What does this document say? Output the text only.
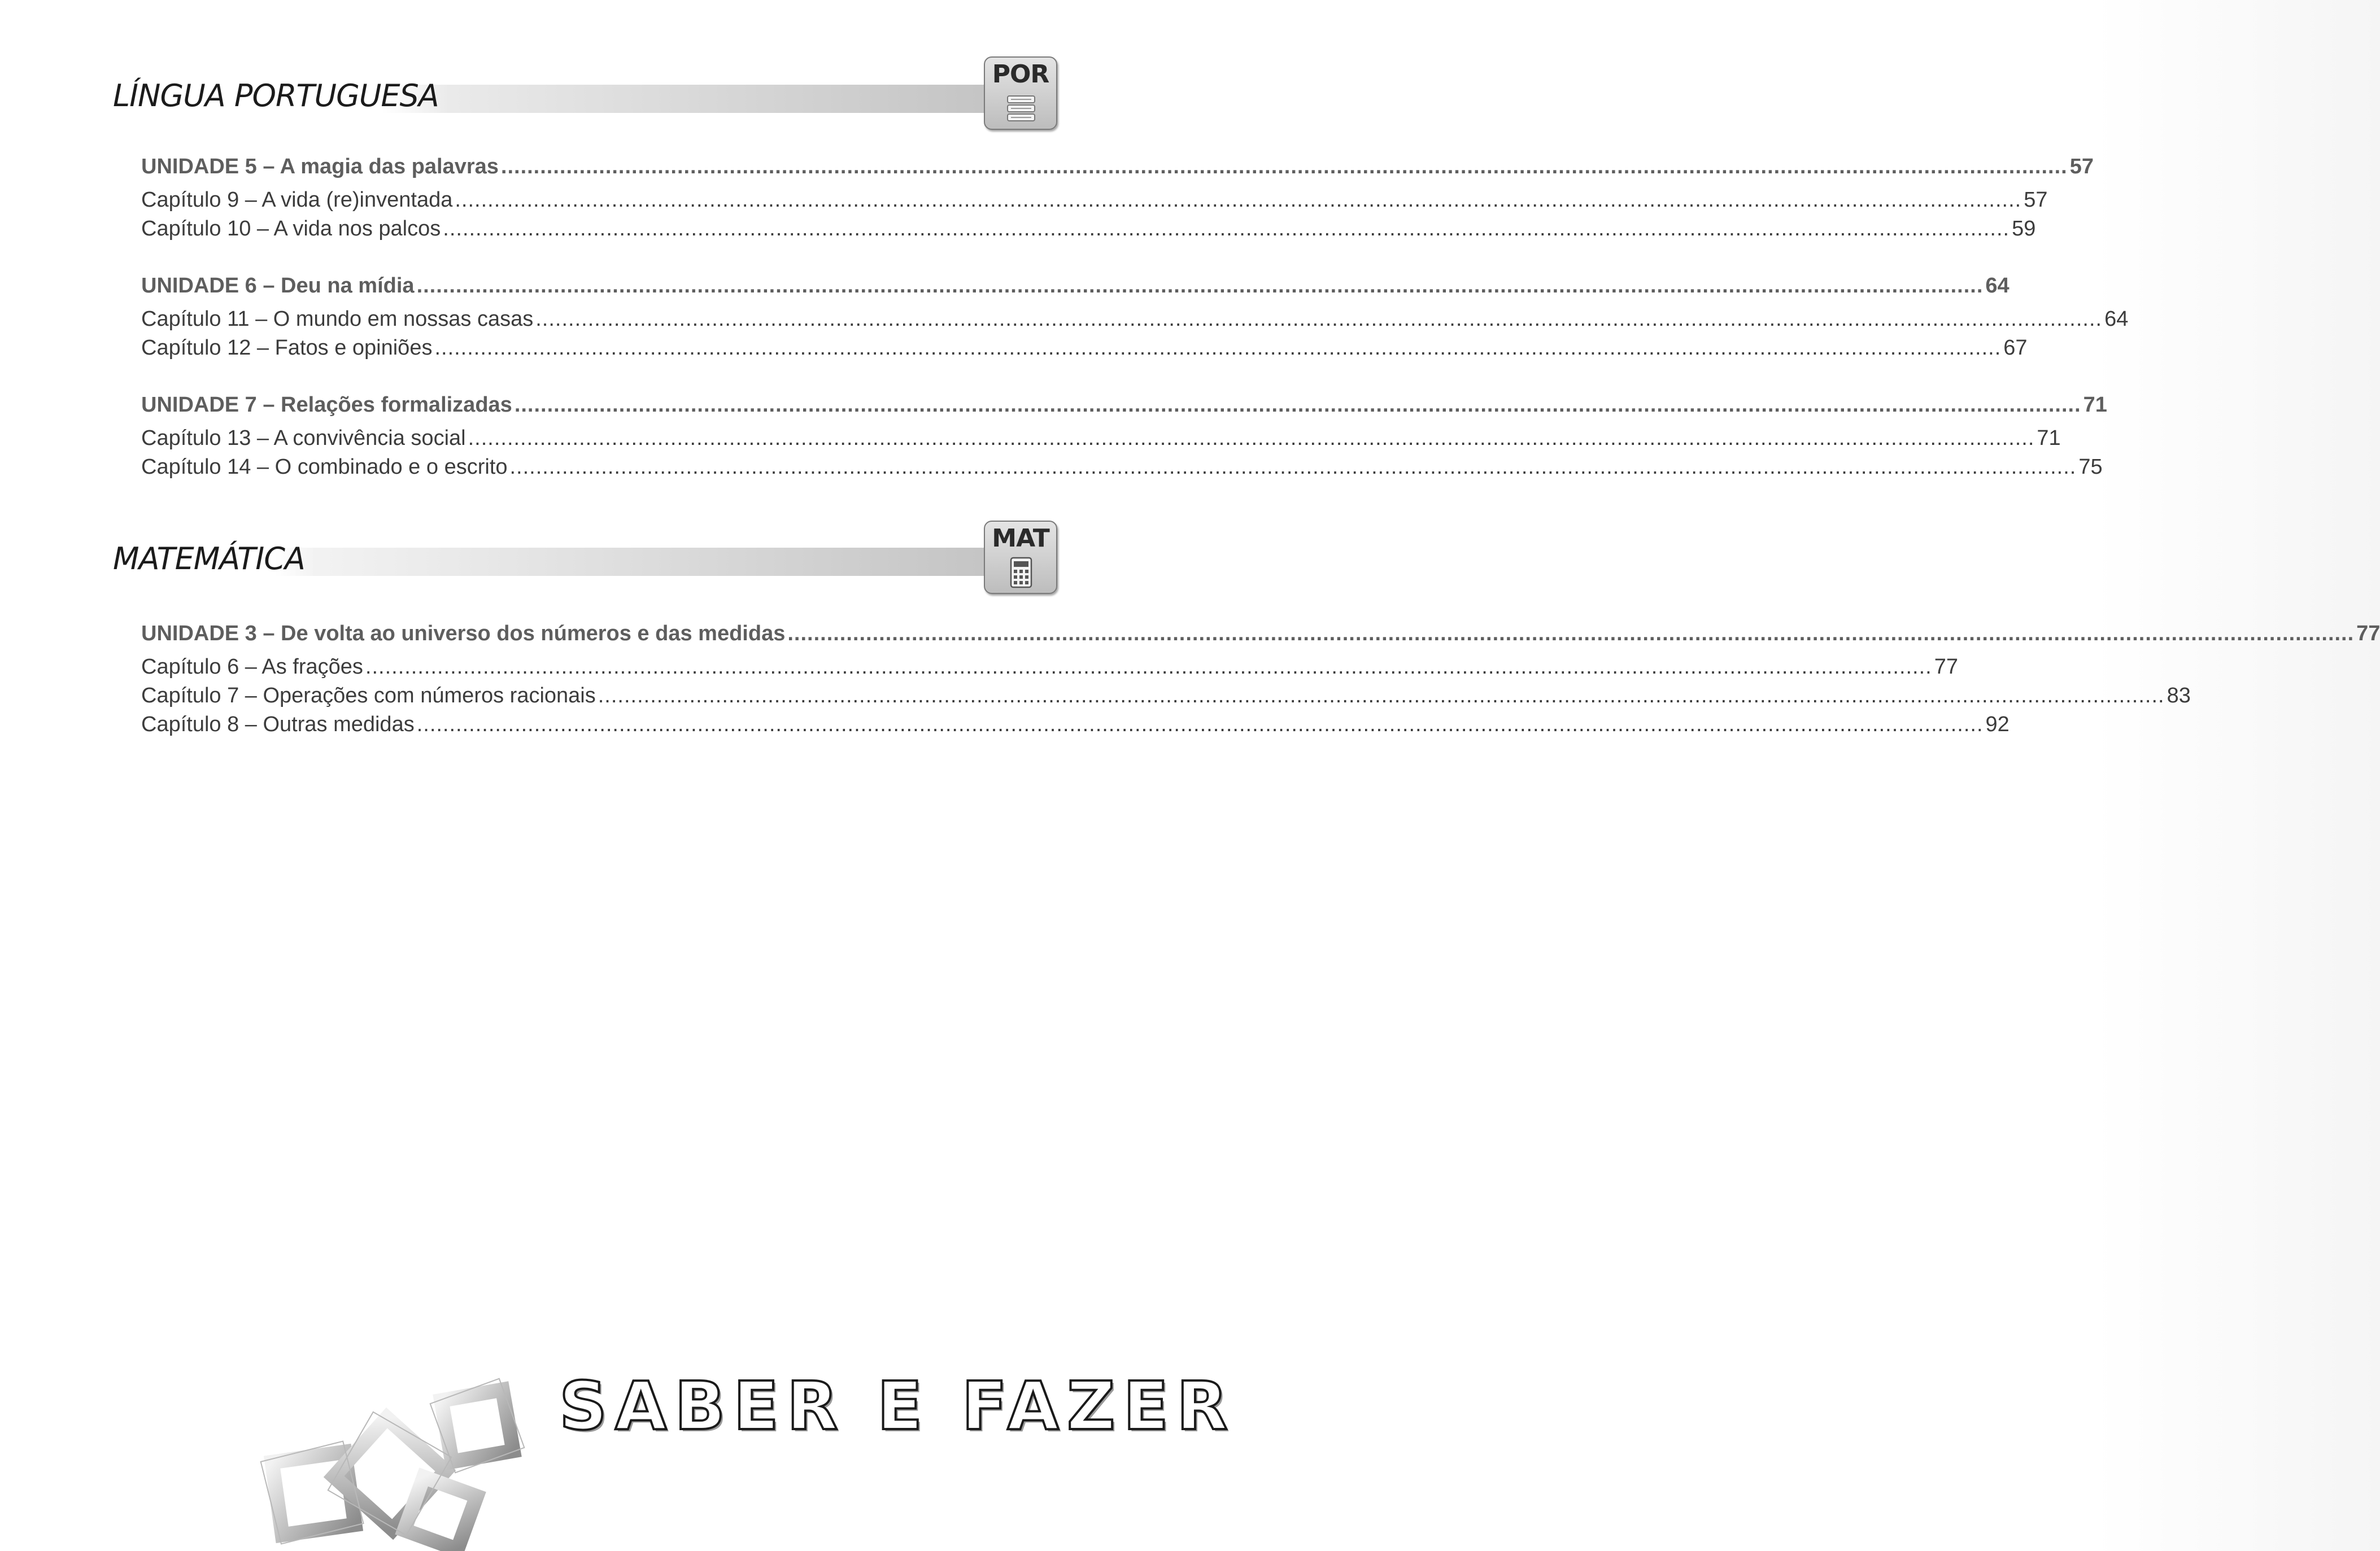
LÍNGUA PORTUGUESA
POR
UNIDADE 5 – A magia das palavras .....	57
Capítulo 9 – A vida (re)inventada .....	57
Capítulo 10 – A vida nos palcos .....	59
UNIDADE 6 – Deu na mídia .....	64
Capítulo 11 – O mundo em nossas casas .....	64
Capítulo 12 – Fatos e opiniões .....	67
UNIDADE 7 – Relações formalizadas .....	71
Capítulo 13 – A convivência social .....	71
Capítulo 14 – O combinado e o escrito .....	75
MATEMÁTICA
MAT
UNIDADE 3 – De volta ao universo dos números e das medidas .....	77
Capítulo 6 – As frações .....	77
Capítulo 7 – Operações com números racionais .....	83
Capítulo 8 – Outras medidas .....	92
SABER E FAZER
